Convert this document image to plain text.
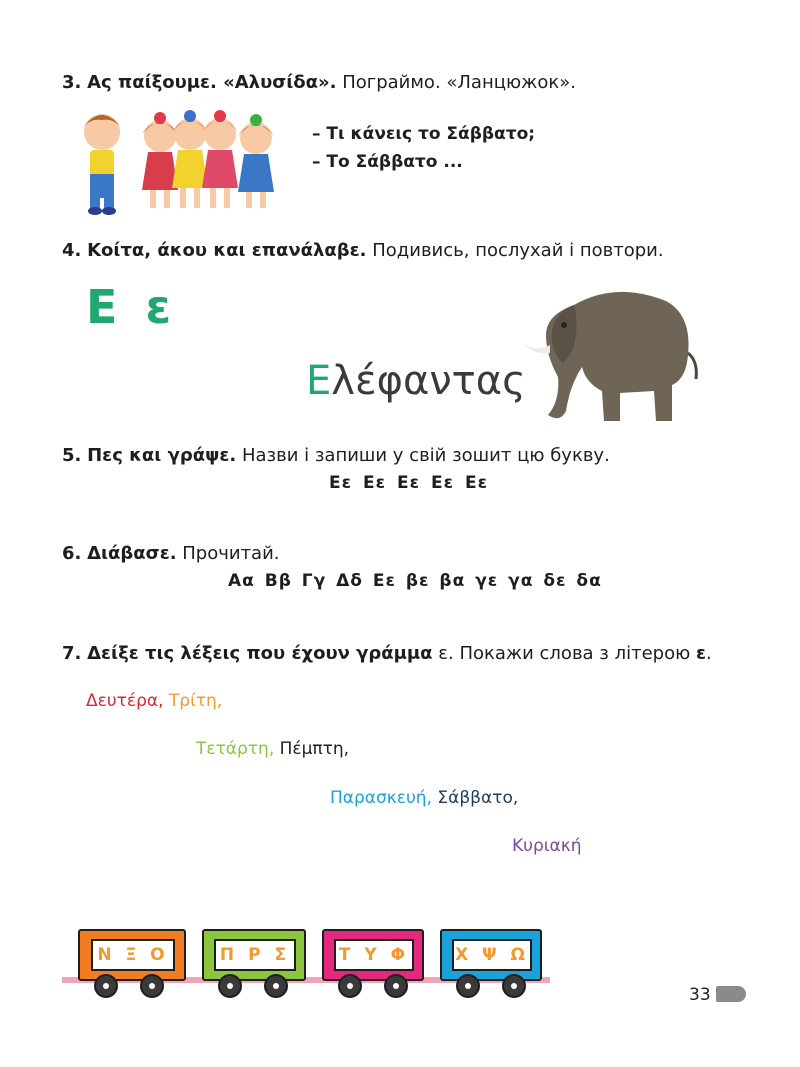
3. Ας παίξουμε. «Αλυσίδα». Пограймо. «Ланцюжок».
– Τι κάνεις το Σάββατο;
– Το Σάββατο ...
4. Κοίτα, άκου και επανάλαβε. Подивись, послухай і повтори.
Ε ε
Ελέφαντας
5. Πες και γράψε. Назви і запиши у свій зошит цю букву.
Εε Εε Εε Εε Εε
6. Διάβασε. Прочитай.
Αα Ββ Γγ Δδ Εε βε βα γε γα δε δα
7. Δείξε τις λέξεις που έχουν γράμμα ε. Покажи слова з літерою ε.
Δευτέρα, Τρίτη,
Τετάρτη, Πέμπτη,
Παρασκευή, Σάββατο,
Κυριακή
Ν Ξ Ο	Π Ρ Σ	Τ Υ Φ	Χ Ψ Ω
33
